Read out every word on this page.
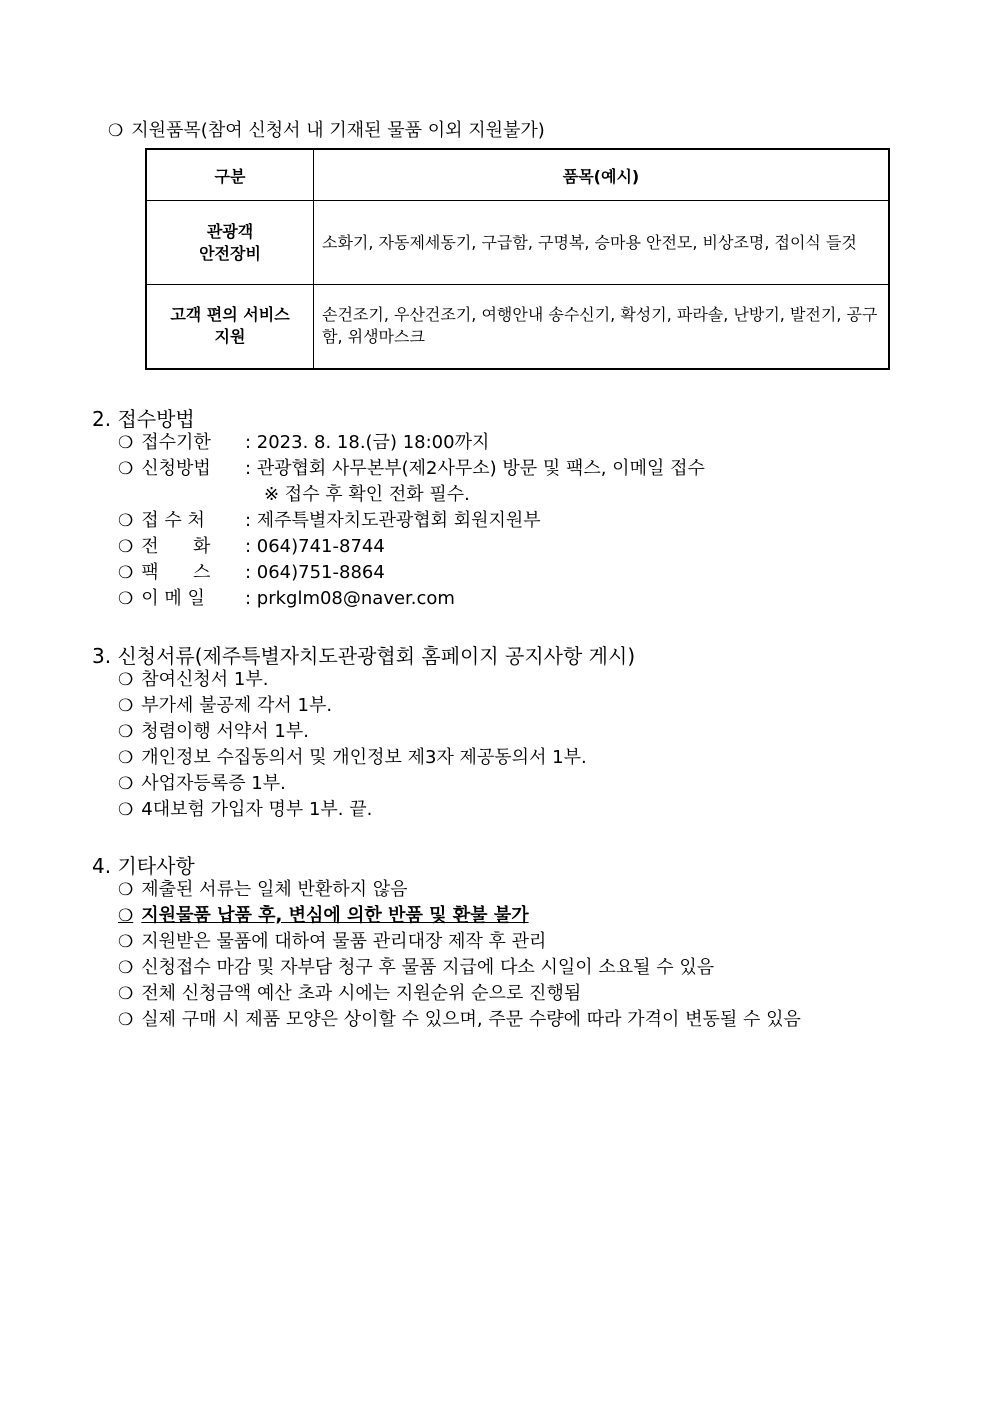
❍ 지원품목(참여 신청서 내 기재된 물품 이외 지원불가)
구분	품목(예시)
관광객
안전장비	소화기, 자동제세동기, 구급함, 구명복, 승마용 안전모, 비상조명, 접이식 들것
고객 편의 서비스
지원	손건조기, 우산건조기, 여행안내 송수신기, 확성기, 파라솔, 난방기, 발전기, 공구함, 위생마스크
2. 접수방법
❍ 접수기한 : 2023. 8. 18.(금) 18:00까지
❍ 신청방법 : 관광협회 사무본부(제2사무소) 방문 및 팩스, 이메일 접수
※ 접수 후 확인 전화 필수.
❍ 접 수 처 : 제주특별자치도관광협회 회원지원부
❍ 전      화 : 064)741-8744
❍ 팩      스 : 064)751-8864
❍ 이 메 일 : prkglm08@naver.com
3. 신청서류(제주특별자치도관광협회 홈페이지 공지사항 게시)
❍ 참여신청서 1부.
❍ 부가세 불공제 각서 1부.
❍ 청렴이행 서약서 1부.
❍ 개인정보 수집동의서 및 개인정보 제3자 제공동의서 1부.
❍ 사업자등록증 1부.
❍ 4대보험 가입자 명부 1부. 끝.
4. 기타사항
❍ 제출된 서류는 일체 반환하지 않음
❍ 지원물품 납품 후, 변심에 의한 반품 및 환불 불가
❍ 지원받은 물품에 대하여 물품 관리대장 제작 후 관리
❍ 신청접수 마감 및 자부담 청구 후 물품 지급에 다소 시일이 소요될 수 있음
❍ 전체 신청금액 예산 초과 시에는 지원순위 순으로 진행됨
❍ 실제 구매 시 제품 모양은 상이할 수 있으며, 주문 수량에 따라 가격이 변동될 수 있음
